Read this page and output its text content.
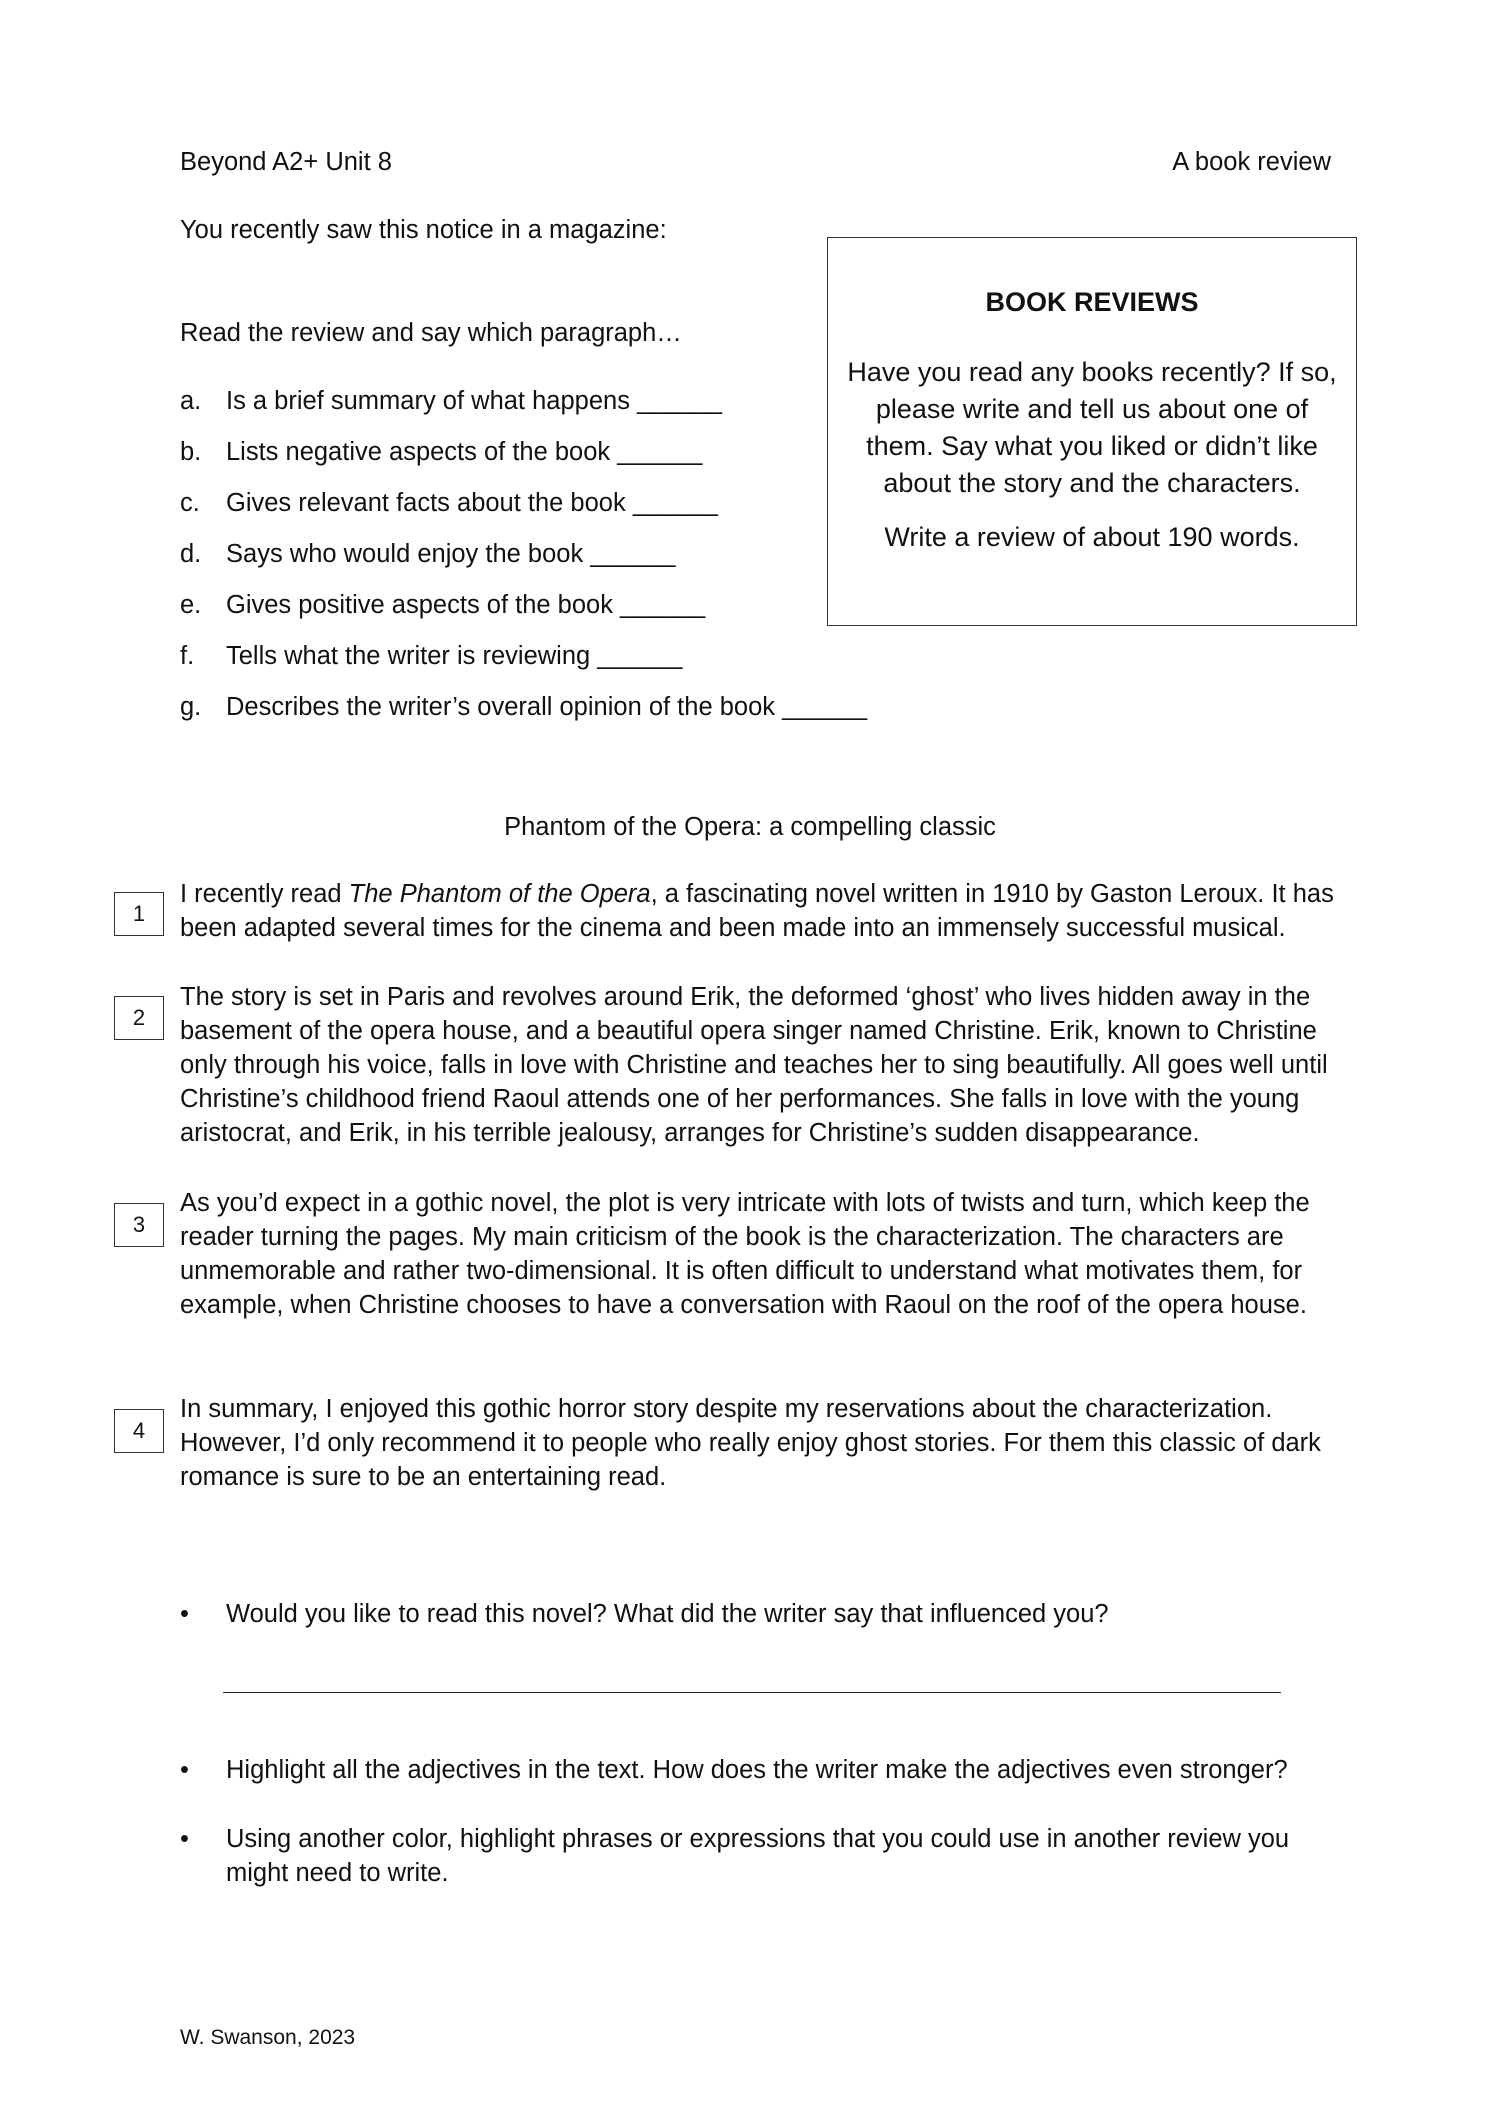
Beyond A2+ Unit 8	A book review
You recently saw this notice in a magazine:
Read the review and say which paragraph…
a. Is a brief summary of what happens ______
b. Lists negative aspects of the book ______
c. Gives relevant facts about the book ______
d. Says who would enjoy the book ______
e. Gives positive aspects of the book ______
f. Tells what the writer is reviewing ______
g. Describes the writer’s overall opinion of the book ______
BOOK REVIEWS
Have you read any books recently? If so, please write and tell us about one of them. Say what you liked or didn’t like about the story and the characters.
Write a review of about 190 words.
Phantom of the Opera: a compelling classic
1
I recently read The Phantom of the Opera, a fascinating novel written in 1910 by Gaston Leroux. It has been adapted several times for the cinema and been made into an immensely successful musical.
2
The story is set in Paris and revolves around Erik, the deformed ‘ghost’ who lives hidden away in the basement of the opera house, and a beautiful opera singer named Christine. Erik, known to Christine only through his voice, falls in love with Christine and teaches her to sing beautifully. All goes well until Christine’s childhood friend Raoul attends one of her performances. She falls in love with the young aristocrat, and Erik, in his terrible jealousy, arranges for Christine’s sudden disappearance.
3
As you’d expect in a gothic novel, the plot is very intricate with lots of twists and turn, which keep the reader turning the pages. My main criticism of the book is the characterization. The characters are unmemorable and rather two-dimensional. It is often difficult to understand what motivates them, for example, when Christine chooses to have a conversation with Raoul on the roof of the opera house.
4
In summary, I enjoyed this gothic horror story despite my reservations about the characterization. However, I’d only recommend it to people who really enjoy ghost stories. For them this classic of dark romance is sure to be an entertaining read.
• Would you like to read this novel? What did the writer say that influenced you?
• Highlight all the adjectives in the text. How does the writer make the adjectives even stronger?
• Using another color, highlight phrases or expressions that you could use in another review you might need to write.
W. Swanson, 2023
